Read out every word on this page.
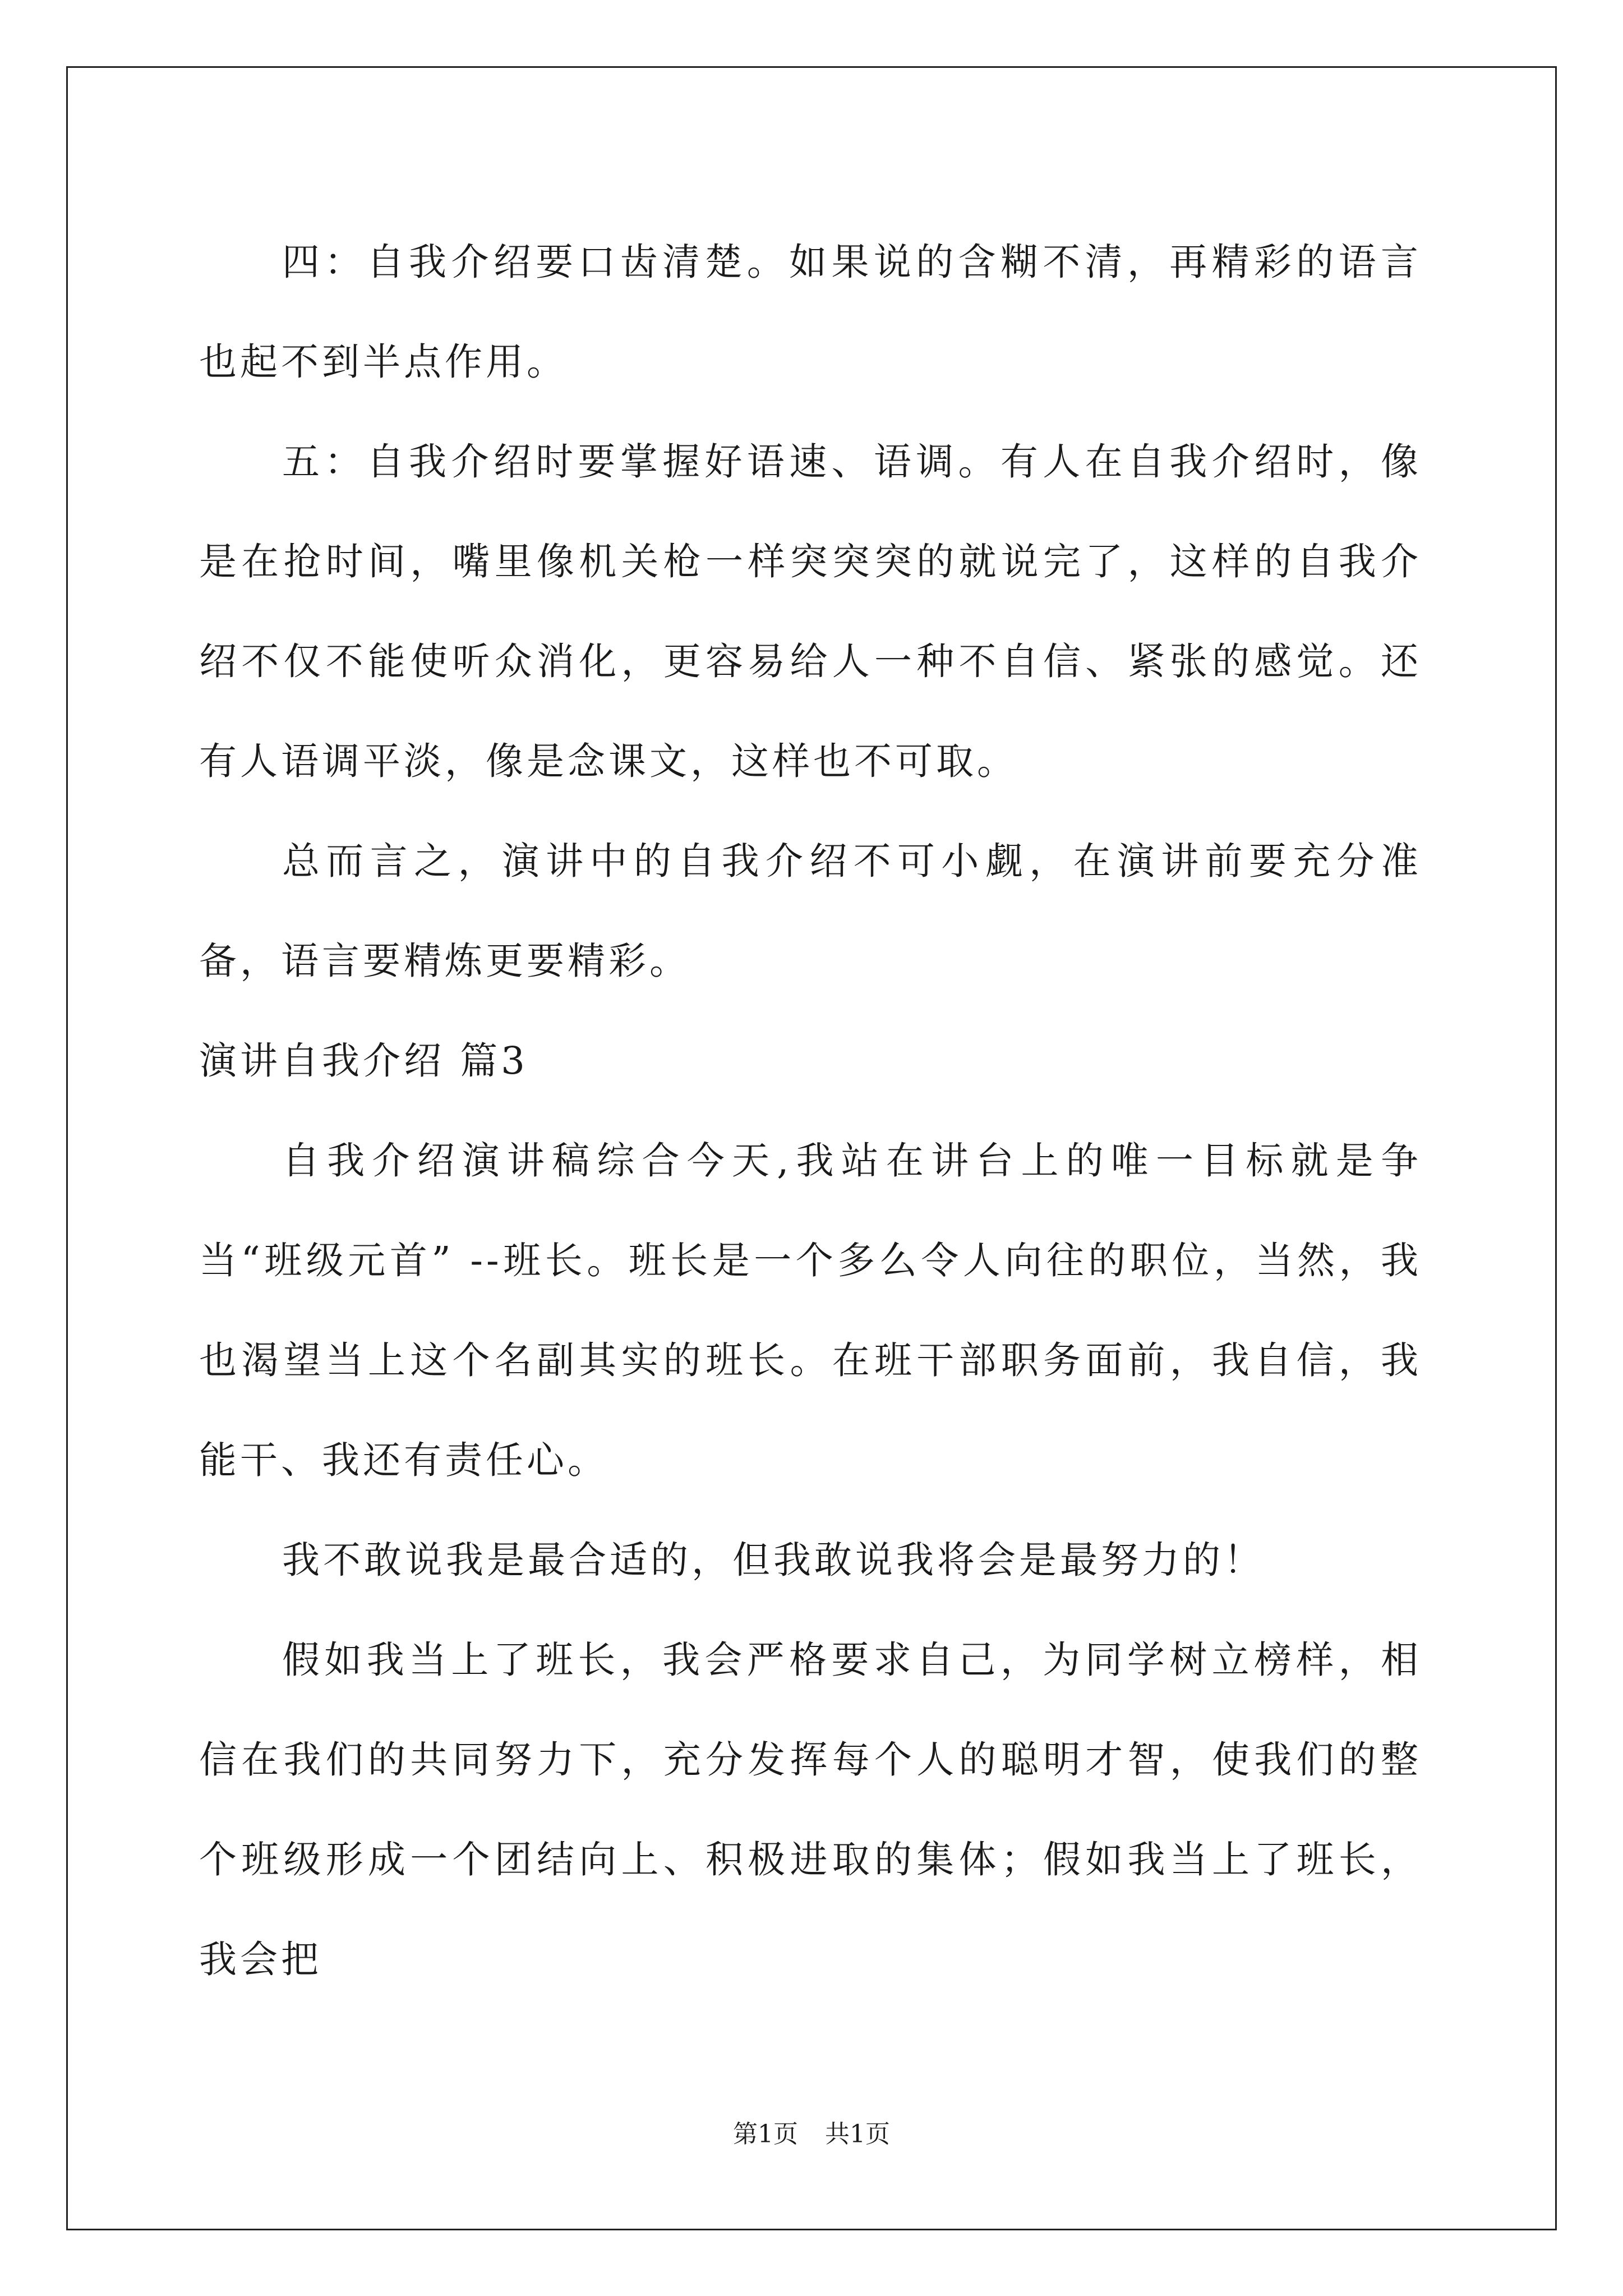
四：自我介绍要口齿清楚。如果说的含糊不清，再精彩的语言也起不到半点作用。

五：自我介绍时要掌握好语速、语调。有人在自我介绍时，像是在抢时间，嘴里像机关枪一样突突突的就说完了，这样的自我介绍不仅不能使听众消化，更容易给人一种不自信、紧张的感觉。还有人语调平淡，像是念课文，这样也不可取。

总而言之，演讲中的自我介绍不可小觑，在演讲前要充分准备，语言要精炼更要精彩。

演讲自我介绍 篇3

自我介绍演讲稿综合今天,我站在讲台上的唯一目标就是争当“班级元首” --班长。班长是一个多么令人向往的职位，当然，我也渴望当上这个名副其实的班长。在班干部职务面前，我自信，我能干、我还有责任心。

我不敢说我是最合适的，但我敢说我将会是最努力的！

假如我当上了班长，我会严格要求自己，为同学树立榜样，相信在我们的共同努力下，充分发挥每个人的聪明才智，使我们的整个班级形成一个团结向上、积极进取的集体；假如我当上了班长，我会把

第1页 共1页
